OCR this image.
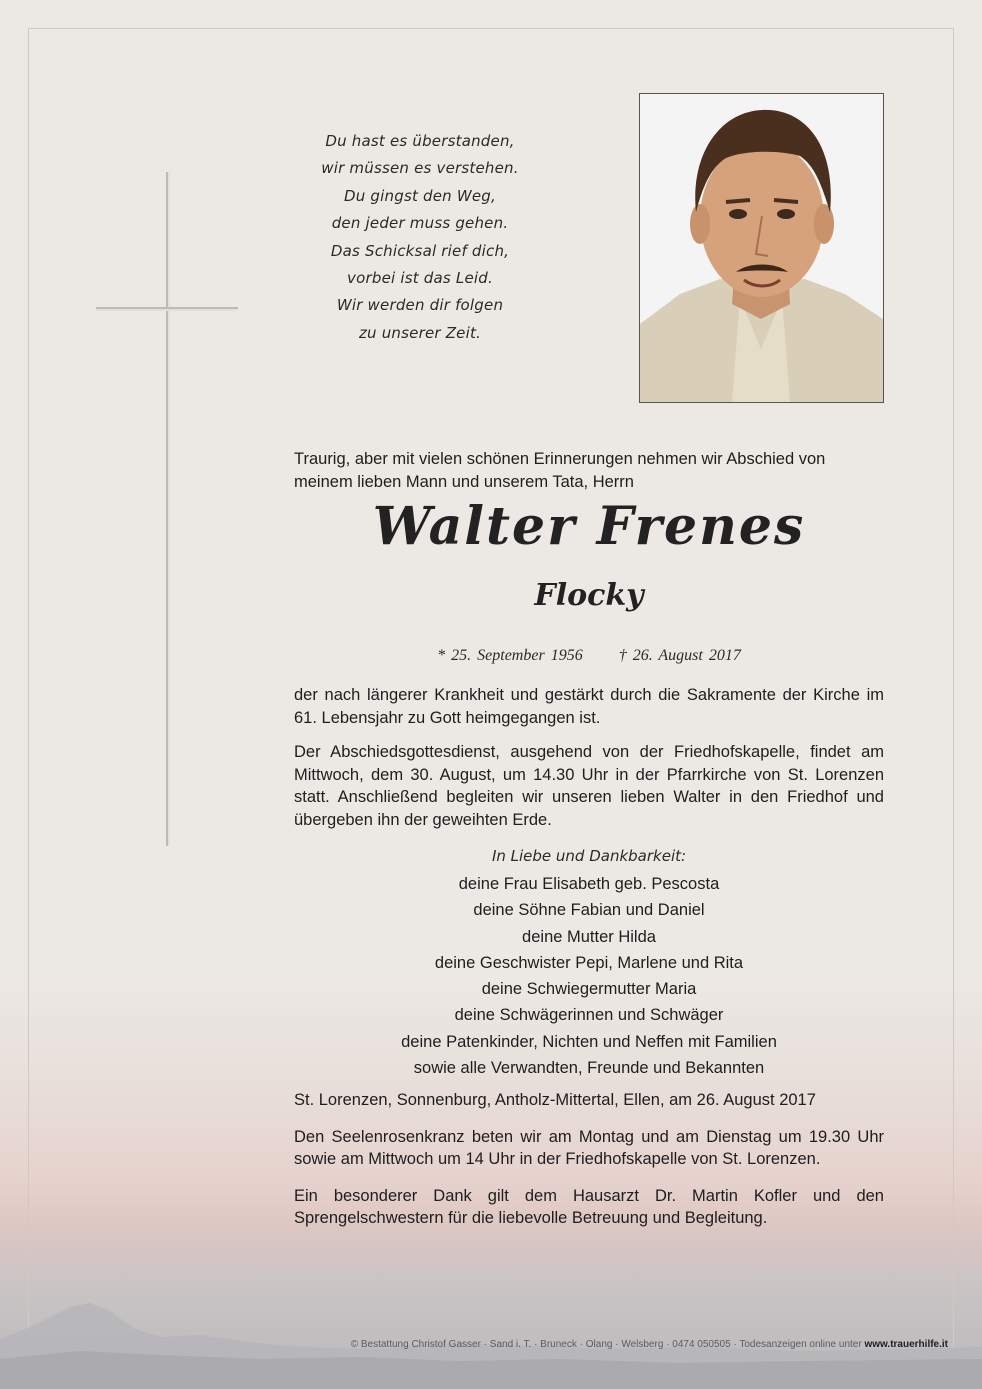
Du hast es überstanden,
wir müssen es verstehen.
Du gingst den Weg,
den jeder muss gehen.
Das Schicksal rief dich,
vorbei ist das Leid.
Wir werden dir folgen
zu unserer Zeit.

Traurig, aber mit vielen schönen Erinnerungen nehmen wir Abschied von meinem lieben Mann und unserem Tata, Herrn

Walter Frenes
Flocky

* 25. September 1956 † 26. August 2017

der nach längerer Krankheit und gestärkt durch die Sakramente der Kirche im 61. Lebensjahr zu Gott heimgegangen ist.

Der Abschiedsgottesdienst, ausgehend von der Friedhofskapelle, findet am Mittwoch, dem 30. August, um 14.30 Uhr in der Pfarrkirche von St. Lorenzen statt. Anschließend begleiten wir unseren lieben Walter in den Friedhof und übergeben ihn der geweihten Erde.

In Liebe und Dankbarkeit:
deine Frau Elisabeth geb. Pescosta
deine Söhne Fabian und Daniel
deine Mutter Hilda
deine Geschwister Pepi, Marlene und Rita
deine Schwiegermutter Maria
deine Schwägerinnen und Schwäger
deine Patenkinder, Nichten und Neffen mit Familien
sowie alle Verwandten, Freunde und Bekannten

St. Lorenzen, Sonnenburg, Antholz-Mittertal, Ellen, am 26. August 2017

Den Seelenrosenkranz beten wir am Montag und am Dienstag um 19.30 Uhr sowie am Mittwoch um 14 Uhr in der Friedhofskapelle von St. Lorenzen.

Ein besonderer Dank gilt dem Hausarzt Dr. Martin Kofler und den Sprengelschwestern für die liebevolle Betreuung und Begleitung.

© Bestattung Christof Gasser · Sand i. T. · Bruneck · Olang · Welsberg · 0474 050505 · Todesanzeigen online unter www.trauerhilfe.it
